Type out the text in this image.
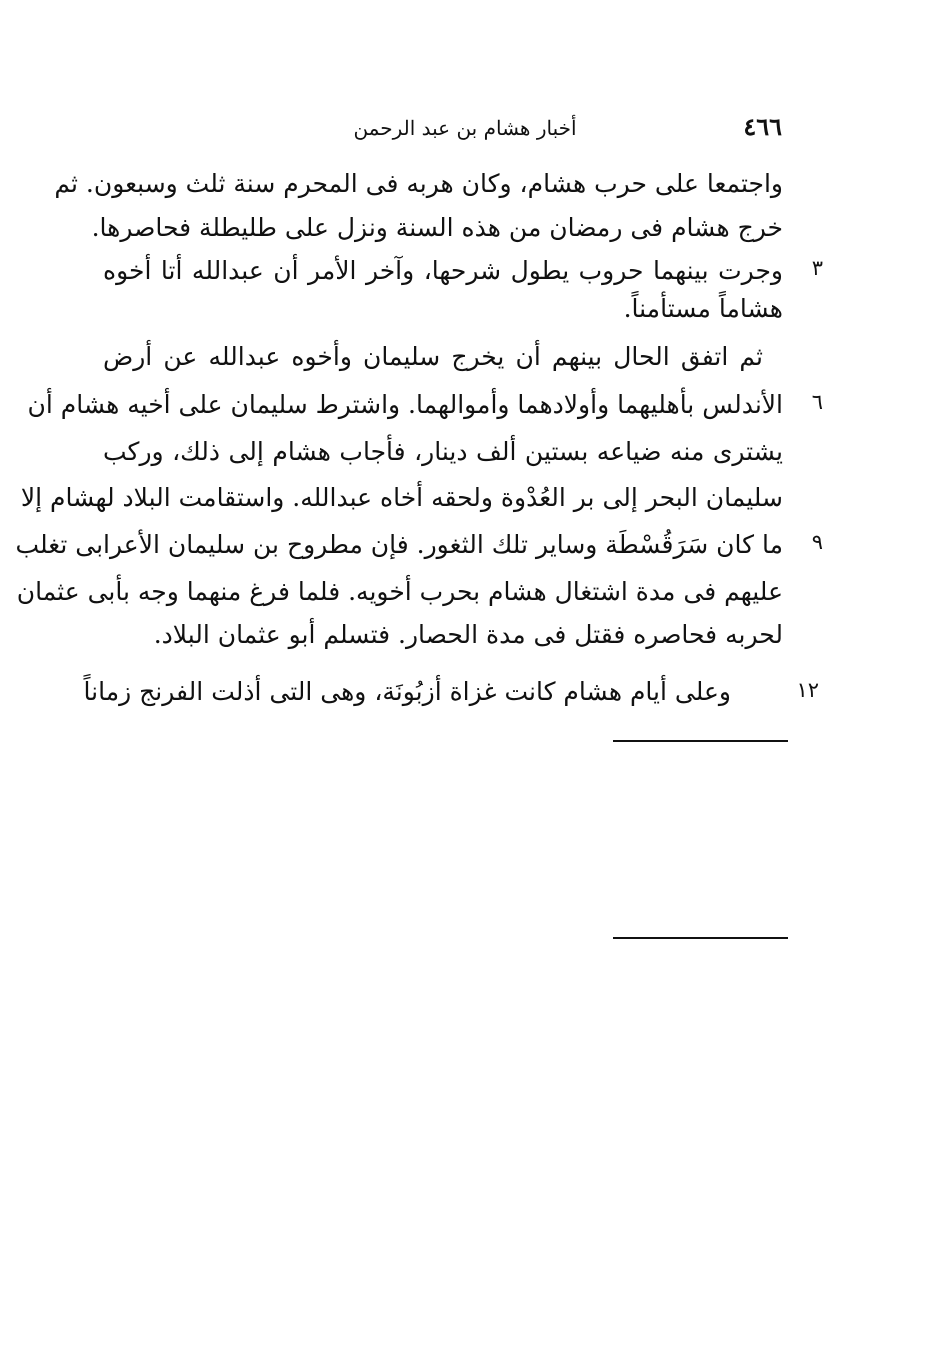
٤٦٦
أخبار هشام بن عبد الرحمن
واجتمعا على حرب هشام، وكان هربه فى المحرم سنة ثلث وسبعون. ثم
خرج هشام فى رمضان من هذه السنة ونزل على طليطلة فحاصرها.
وجرت بينهما حروب يطول شرحها، وآخر الأمر أن عبدالله أتا أخوه
هشاماً مستأمناً.
ثم اتفق الحال بينهم أن يخرج سليمان وأخوه عبدالله عن أرض
الأندلس بأهليهما وأولادهما وأموالهما. واشترط سليمان على أخيه هشام أن
يشترى منه ضياعه بستين ألف دينار، فأجاب هشام إلى ذلك، وركب
سليمان البحر إلى بر العُدْوة ولحقه أخاه عبدالله. واستقامت البلاد لهشام إلا
ما كان سَرَقُسْطَة وساير تلك الثغور. فإن مطروح بن سليمان الأعرابى تغلب
عليهم فى مدة اشتغال هشام بحرب أخويه. فلما فرغ منهما وجه بأبى عثمان
لحربه فحاصره فقتل فى مدة الحصار. فتسلم أبو عثمان البلاد.
وعلى أيام هشام كانت غزاة أزبُونَة، وهى التى أذلت الفرنج زماناً
٣
٦
٩
١٢
